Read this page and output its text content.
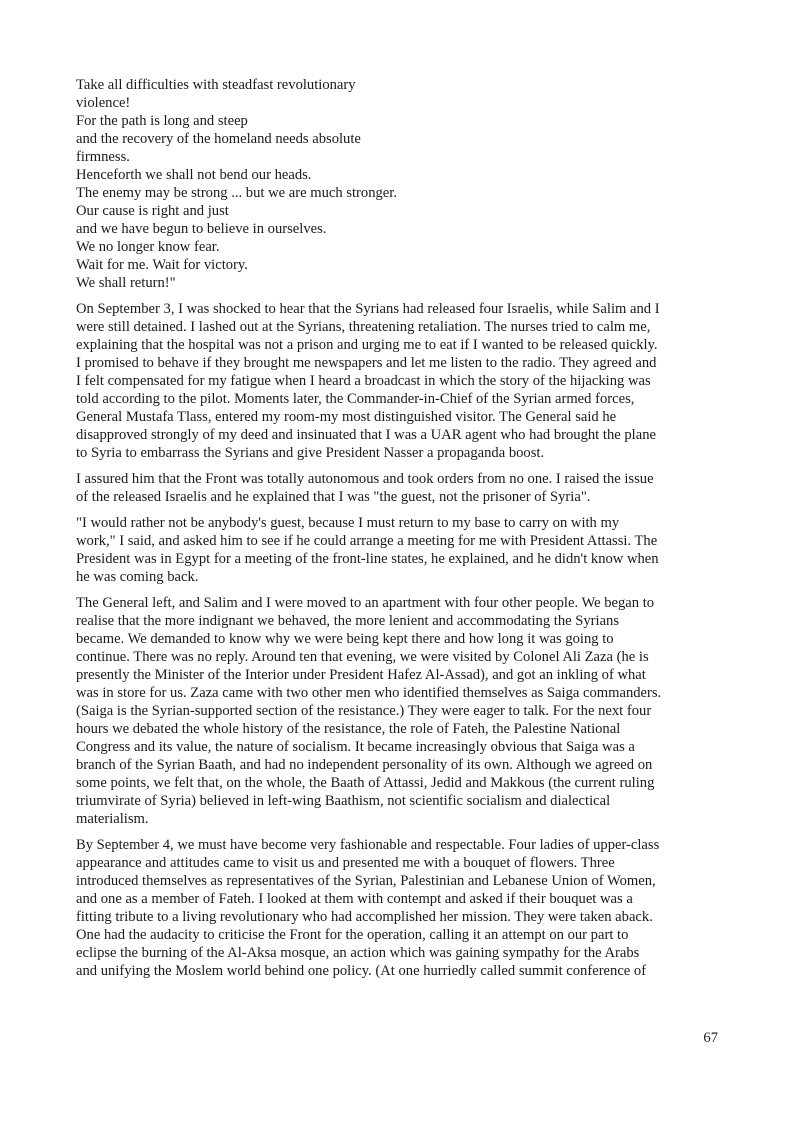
Take all difficulties with steadfast revolutionary
violence!
For the path is long and steep
and the recovery of the homeland needs absolute
firmness.
Henceforth we shall not bend our heads.
The enemy may be strong ... but we are much stronger.
Our cause is right and just
and we have begun to believe in ourselves.
We no longer know fear.
Wait for me. Wait for victory.
We shall return!"
On September 3, I was shocked to hear that the Syrians had released four Israelis, while Salim and I
were still detained. I lashed out at the Syrians, threatening retaliation. The nurses tried to calm me,
explaining that the hospital was not a prison and urging me to eat if I wanted to be released quickly.
I promised to behave if they brought me newspapers and let me listen to the radio. They agreed and
I felt compensated for my fatigue when I heard a broadcast in which the story of the hijacking was
told according to the pilot. Moments later, the Commander-in-Chief of the Syrian armed forces,
General Mustafa Tlass, entered my room-my most distinguished visitor. The General said he
disapproved strongly of my deed and insinuated that I was a UAR agent who had brought the plane
to Syria to embarrass the Syrians and give President Nasser a propaganda boost.
I assured him that the Front was totally autonomous and took orders from no one. I raised the issue
of the released Israelis and he explained that I was "the guest, not the prisoner of Syria".
"I would rather not be anybody's guest, because I must return to my base to carry on with my
work," I said, and asked him to see if he could arrange a meeting for me with President Attassi. The
President was in Egypt for a meeting of the front-line states, he explained, and he didn't know when
he was coming back.
The General left, and Salim and I were moved to an apartment with four other people. We began to
realise that the more indignant we behaved, the more lenient and accommodating the Syrians
became. We demanded to know why we were being kept there and how long it was going to
continue. There was no reply. Around ten that evening, we were visited by Colonel Ali Zaza (he is
presently the Minister of the Interior under President Hafez Al-Assad), and got an inkling of what
was in store for us. Zaza came with two other men who identified themselves as Saiga commanders.
(Saiga is the Syrian-supported section of the resistance.) They were eager to talk. For the next four
hours we debated the whole history of the resistance, the role of Fateh, the Palestine National
Congress and its value, the nature of socialism. It became increasingly obvious that Saiga was a
branch of the Syrian Baath, and had no independent personality of its own. Although we agreed on
some points, we felt that, on the whole, the Baath of Attassi, Jedid and Makkous (the current ruling
triumvirate of Syria) believed in left-wing Baathism, not scientific socialism and dialectical
materialism.
By September 4, we must have become very fashionable and respectable. Four ladies of upper-class
appearance and attitudes came to visit us and presented me with a bouquet of flowers. Three
introduced themselves as representatives of the Syrian, Palestinian and Lebanese Union of Women,
and one as a member of Fateh. I looked at them with contempt and asked if their bouquet was a
fitting tribute to a living revolutionary who had accomplished her mission. They were taken aback.
One had the audacity to criticise the Front for the operation, calling it an attempt on our part to
eclipse the burning of the Al-Aksa mosque, an action which was gaining sympathy for the Arabs
and unifying the Moslem world behind one policy. (At one hurriedly called summit conference of
67
